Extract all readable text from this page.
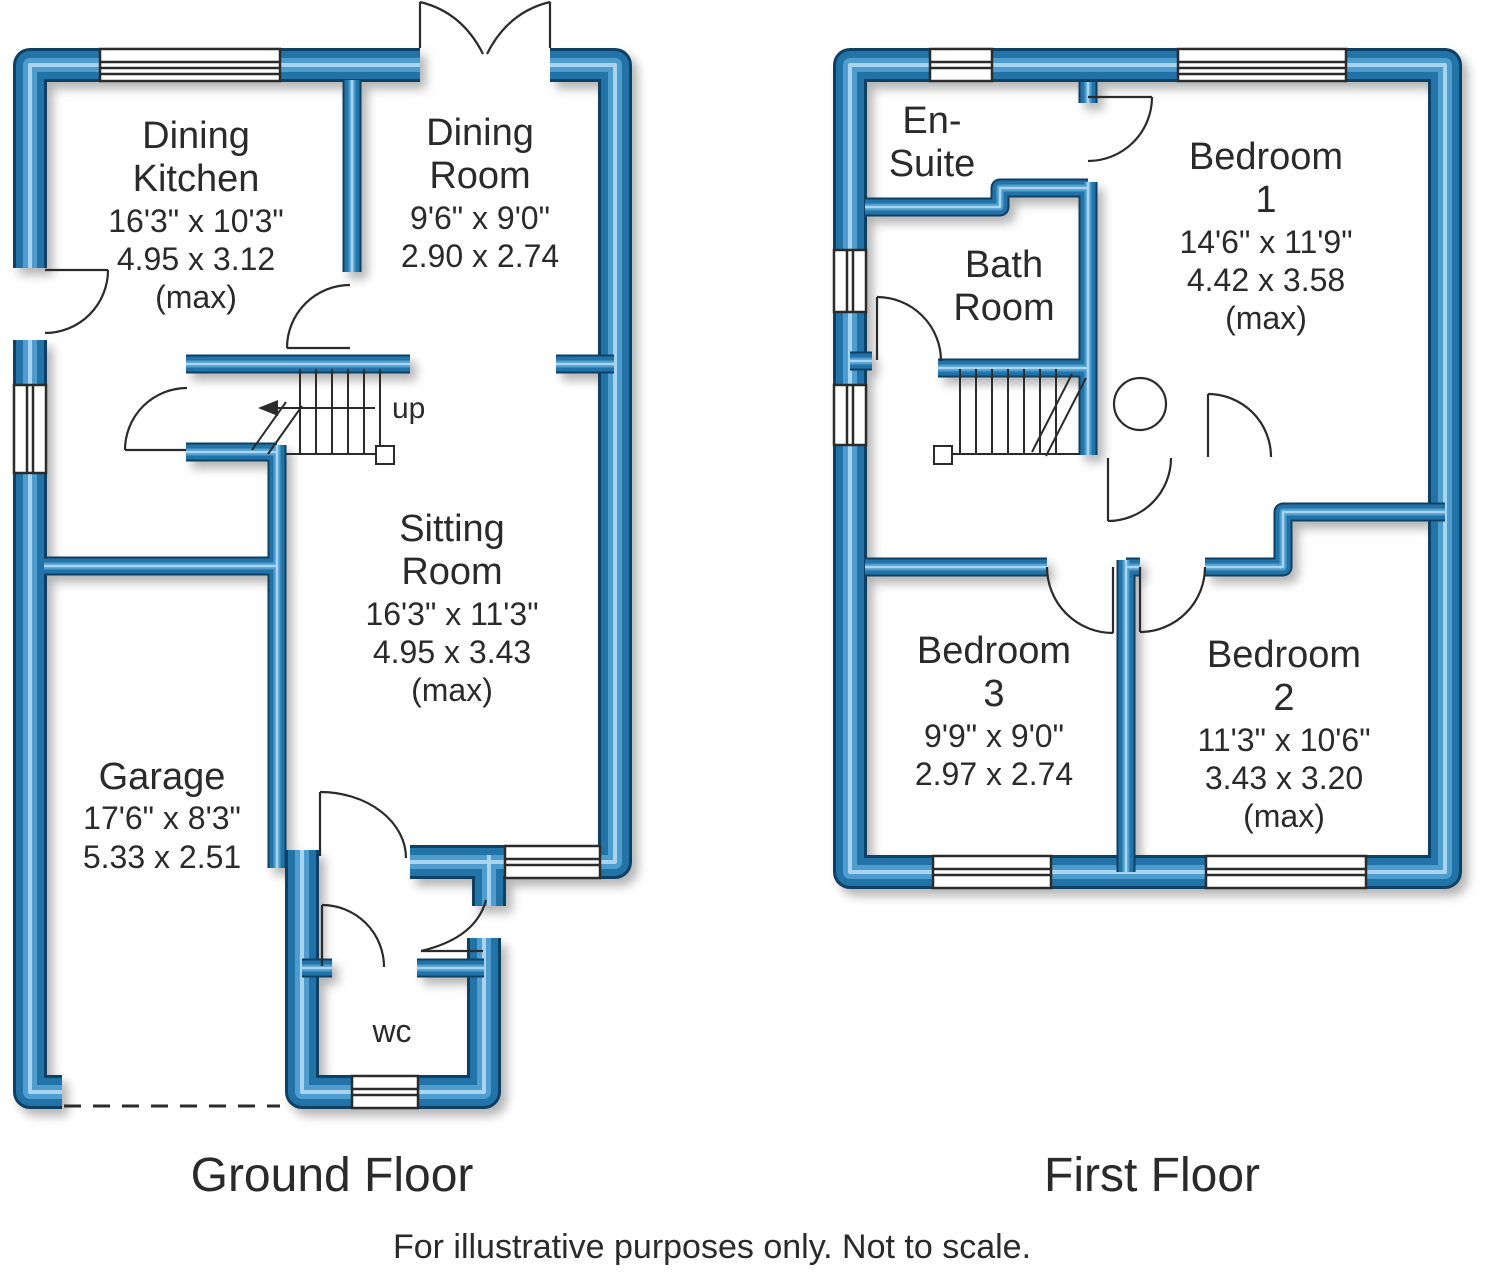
Dining
Kitchen
16'3" x 10'3"
4.95 x 3.12
(max)
Dining
Room
9'6" x 9'0"
2.90 x 2.74
Sitting
Room
16'3" x 11'3"
4.95 x 3.43
(max)
Garage
17'6" x 8'3"
5.33 x 2.51
wc
up
En-
Suite
Bath
Room
Bedroom
1
14'6" x 11'9"
4.42 x 3.58
(max)
Bedroom
3
9'9" x 9'0"
2.97 x 2.74
Bedroom
2
11'3" x 10'6"
3.43 x 3.20
(max)
Ground Floor	First Floor
For illustrative purposes only. Not to scale.
